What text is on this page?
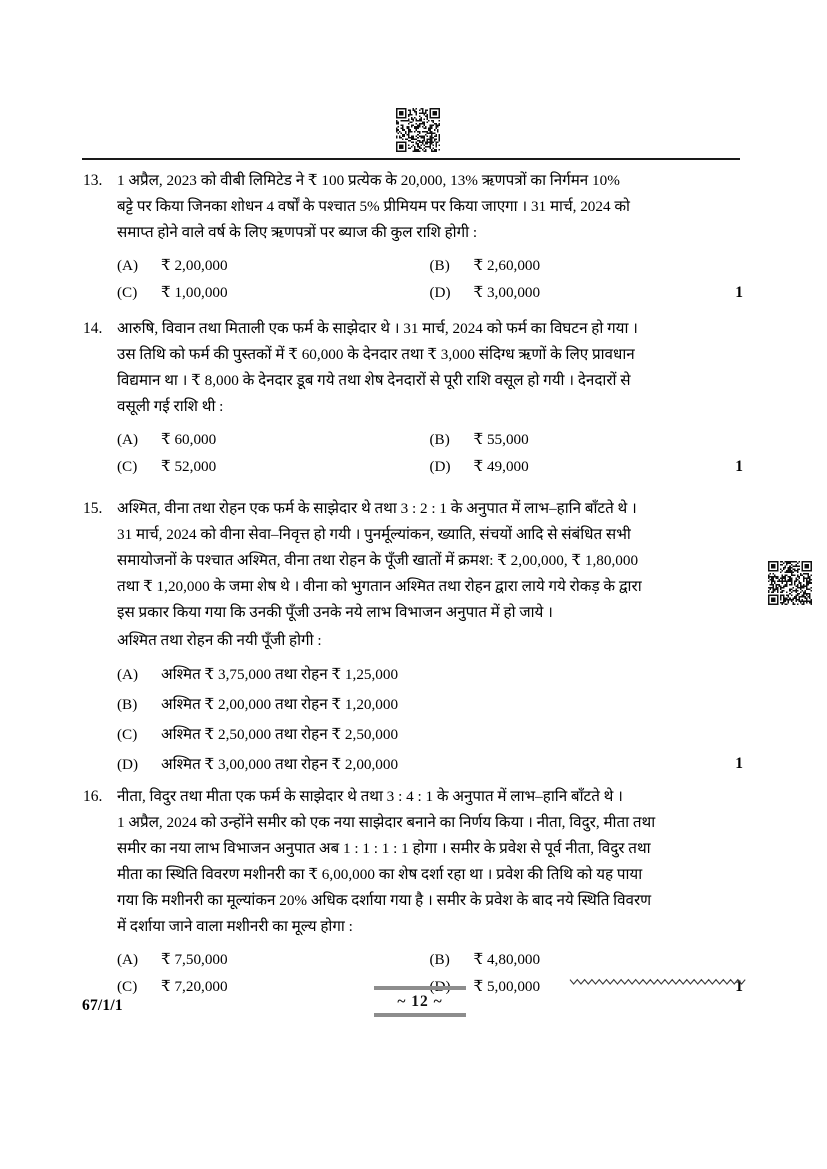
13. 1 अप्रैल, 2023 को वीबी लिमिटेड ने ₹ 100 प्रत्येक के 20,000, 13% ऋणपत्रों का निर्गमन 10%
बट्टे पर किया जिनका शोधन 4 वर्षों के पश्चात 5% प्रीमियम पर किया जाएगा । 31 मार्च, 2024 को
समाप्त होने वाले वर्ष के लिए ऋणपत्रों पर ब्याज की कुल राशि होगी :
(A)	₹ 2,00,000	(B)	₹ 2,60,000
(C)	₹ 1,00,000	(D)	₹ 3,00,000	1
14. आरुषि, विवान तथा मिताली एक फर्म के साझेदार थे । 31 मार्च, 2024 को फर्म का विघटन हो गया ।
उस तिथि को फर्म की पुस्तकों में ₹ 60,000 के देनदार तथा ₹ 3,000 संदिग्ध ऋणों के लिए प्रावधान
विद्यमान था । ₹ 8,000 के देनदार डूब गये तथा शेष देनदारों से पूरी राशि वसूल हो गयी । देनदारों से
वसूली गई राशि थी :
(A)	₹ 60,000	(B)	₹ 55,000
(C)	₹ 52,000	(D)	₹ 49,000	1
15. अश्मित, वीना तथा रोहन एक फर्म के साझेदार थे तथा 3 : 2 : 1 के अनुपात में लाभ–हानि बाँटते थे ।
31 मार्च, 2024 को वीना सेवा–निवृत्त हो गयी । पुनर्मूल्यांकन, ख्याति, संचयों आदि से संबंधित सभी
समायोजनों के पश्चात अश्मित, वीना तथा रोहन के पूँजी खातों में क्रमश: ₹ 2,00,000, ₹ 1,80,000
तथा ₹ 1,20,000 के जमा शेष थे । वीना को भुगतान अश्मित तथा रोहन द्वारा लाये गये रोकड़ के द्वारा
इस प्रकार किया गया कि उनकी पूँजी उनके नये लाभ विभाजन अनुपात में हो जाये ।
अश्मित तथा रोहन की नयी पूँजी होगी :
(A)	अश्मित ₹ 3,75,000 तथा रोहन ₹ 1,25,000
(B)	अश्मित ₹ 2,00,000 तथा रोहन ₹ 1,20,000
(C)	अश्मित ₹ 2,50,000 तथा रोहन ₹ 2,50,000
(D)	अश्मित ₹ 3,00,000 तथा रोहन ₹ 2,00,000	1
16. नीता, विदुर तथा मीता एक फर्म के साझेदार थे तथा 3 : 4 : 1 के अनुपात में लाभ–हानि बाँटते थे ।
1 अप्रैल, 2024 को उन्होंने समीर को एक नया साझेदार बनाने का निर्णय किया । नीता, विदुर, मीता तथा
समीर का नया लाभ विभाजन अनुपात अब 1 : 1 : 1 : 1 होगा । समीर के प्रवेश से पूर्व नीता, विदुर तथा
मीता का स्थिति विवरण मशीनरी का ₹ 6,00,000 का शेष दर्शा रहा था । प्रवेश की तिथि को यह पाया
गया कि मशीनरी का मूल्यांकन 20% अधिक दर्शाया गया है । समीर के प्रवेश के बाद नये स्थिति विवरण
में दर्शाया जाने वाला मशीनरी का मूल्य होगा :
(A)	₹ 7,50,000	(B)	₹ 4,80,000
(C)	₹ 7,20,000	₹ 5,00,000	1
67/1/1	~ 12 ~
